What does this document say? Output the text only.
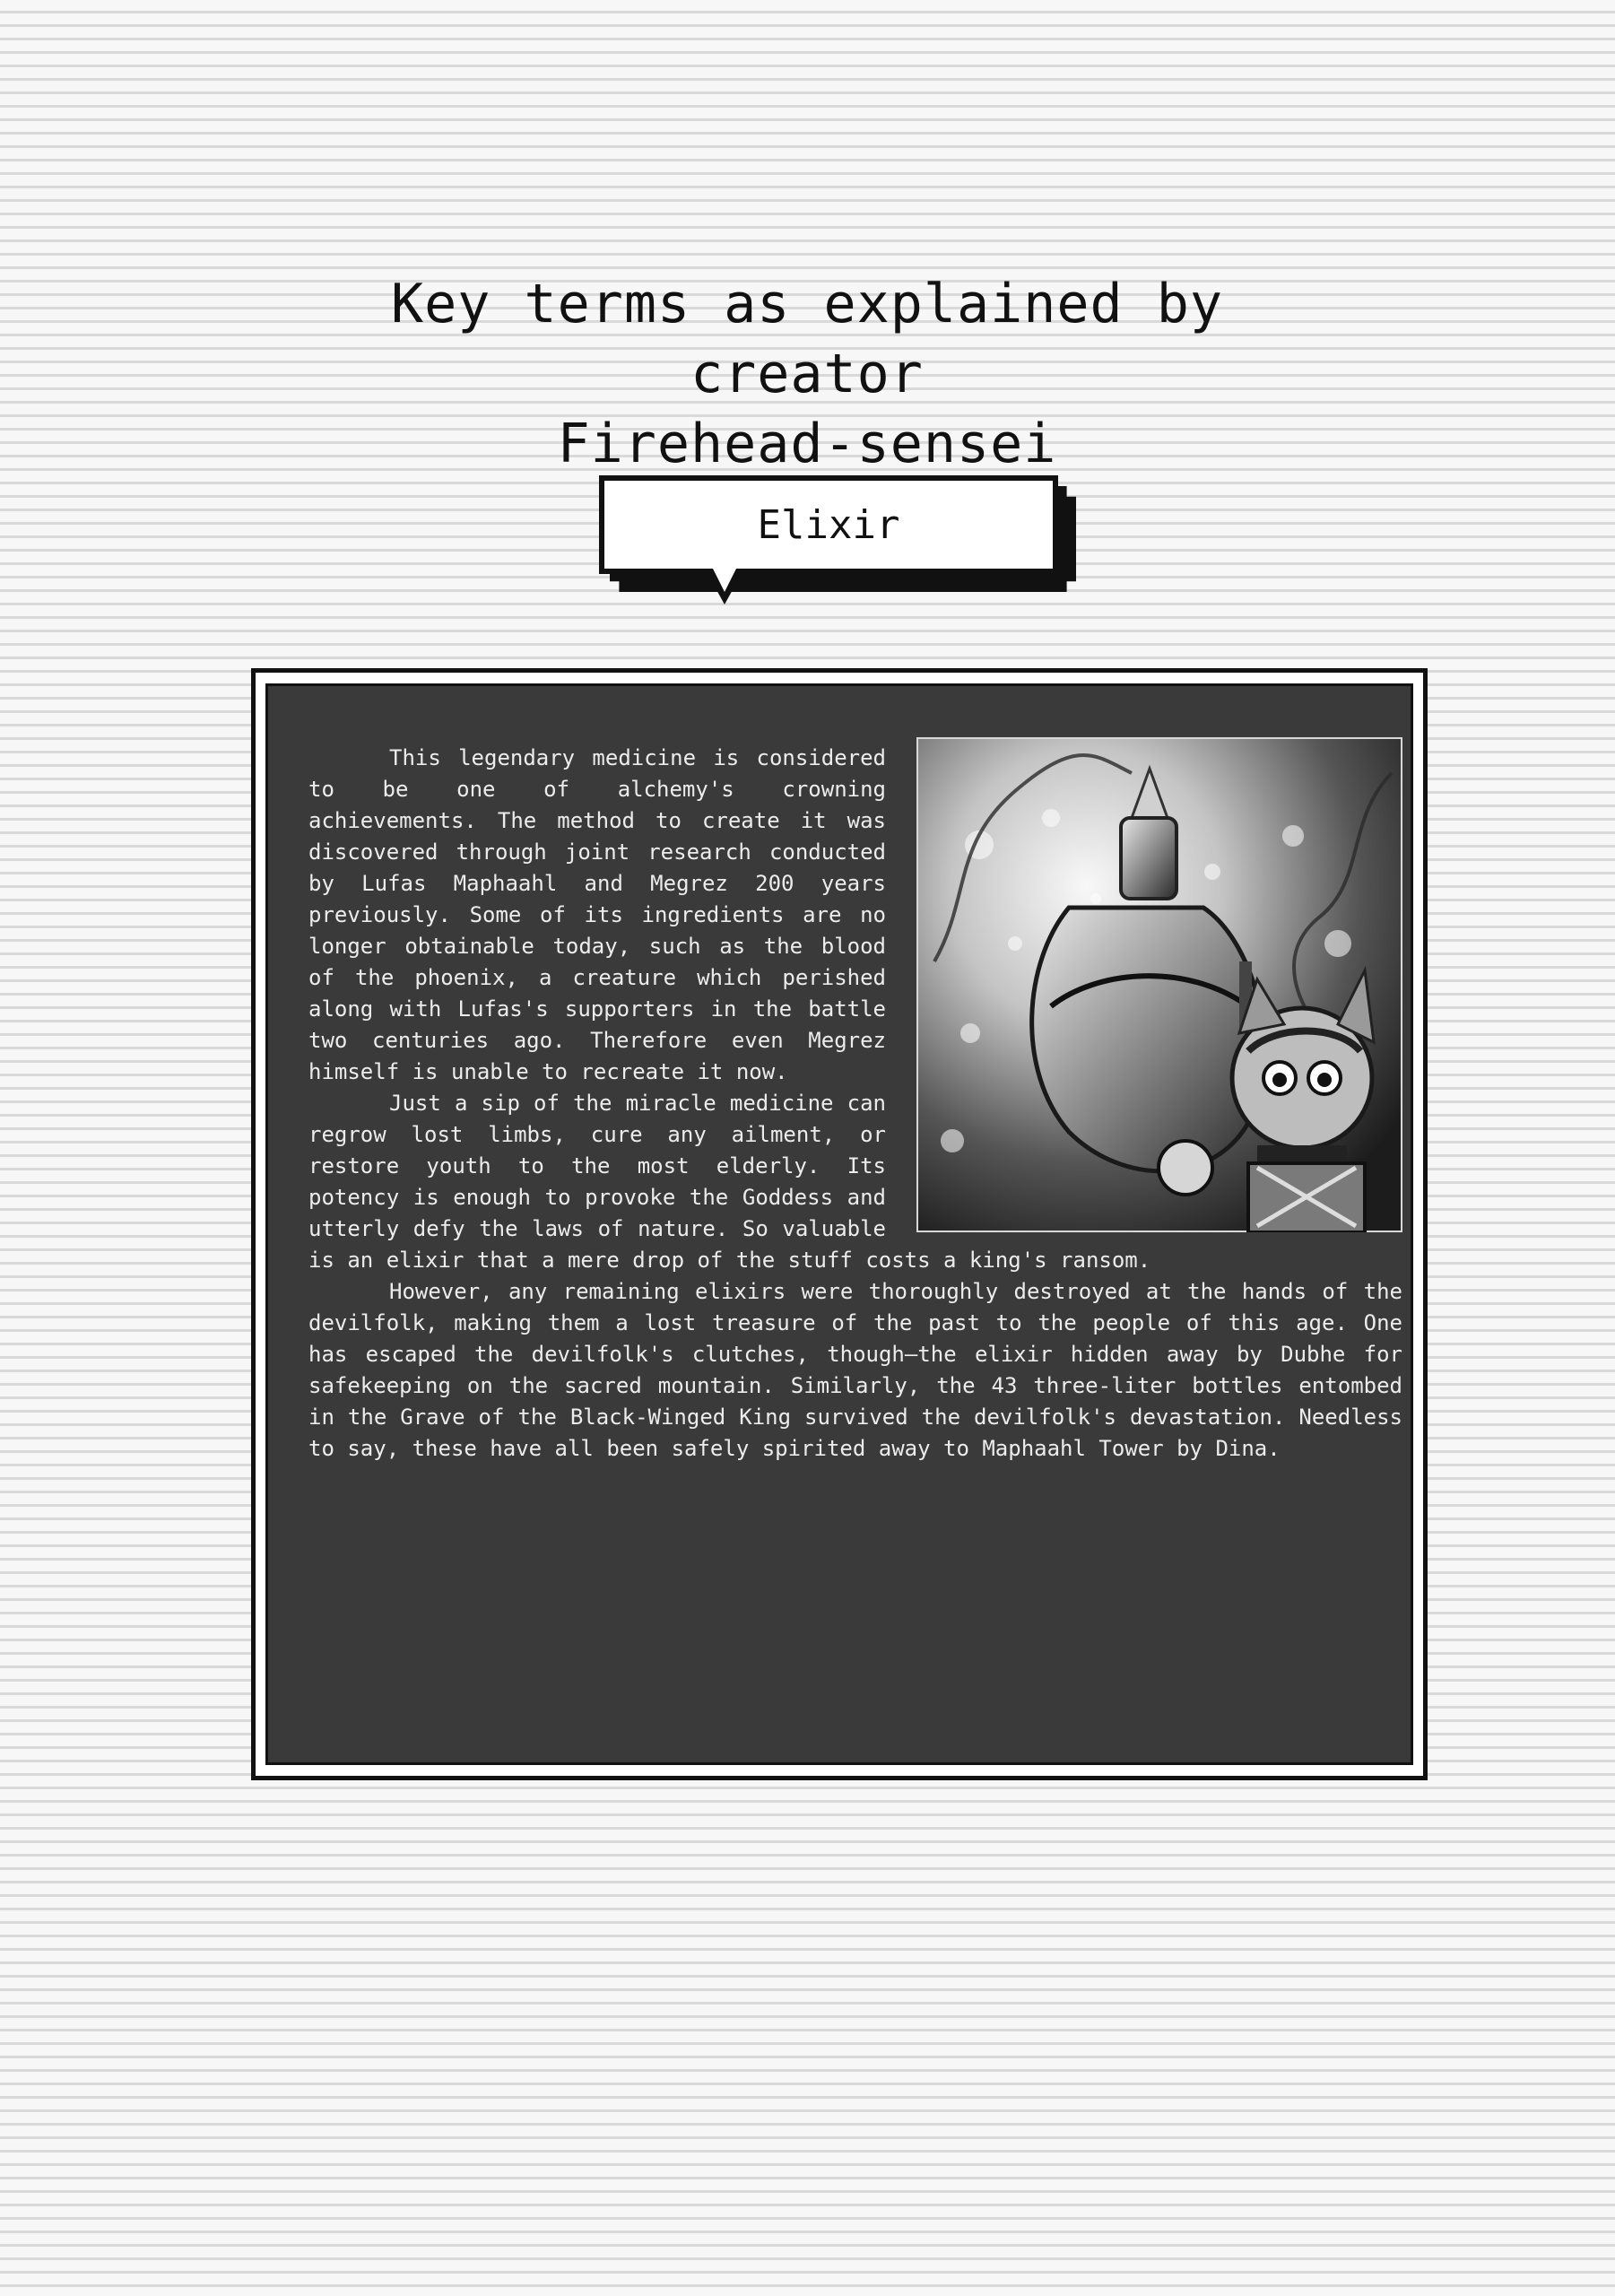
Key terms as explained by creator
Firehead-sensei
Elixir

This legendary medicine is considered to be one of alchemy's crowning achievements. The method to create it was discovered through joint research conducted by Lufas Maphaahl and Megrez 200 years previously. Some of its ingredients are no longer obtainable today, such as the blood of the phoenix, a creature which perished along with Lufas's supporters in the battle two centuries ago. Therefore even Megrez himself is unable to recreate it now.

Just a sip of the miracle medicine can regrow lost limbs, cure any ailment, or restore youth to the most elderly. Its potency is enough to provoke the Goddess and utterly defy the laws of nature. So valuable is an elixir that a mere drop of the stuff costs a king's ransom.

However, any remaining elixirs were thoroughly destroyed at the hands of the devilfolk, making them a lost treasure of the past to the people of this age. One has escaped the devilfolk's clutches, though—the elixir hidden away by Dubhe for safekeeping on the sacred mountain. Similarly, the 43 three-liter bottles entombed in the Grave of the Black-Winged King survived the devilfolk's devastation. Needless to say, these have all been safely spirited away to Maphaahl Tower by Dina.
